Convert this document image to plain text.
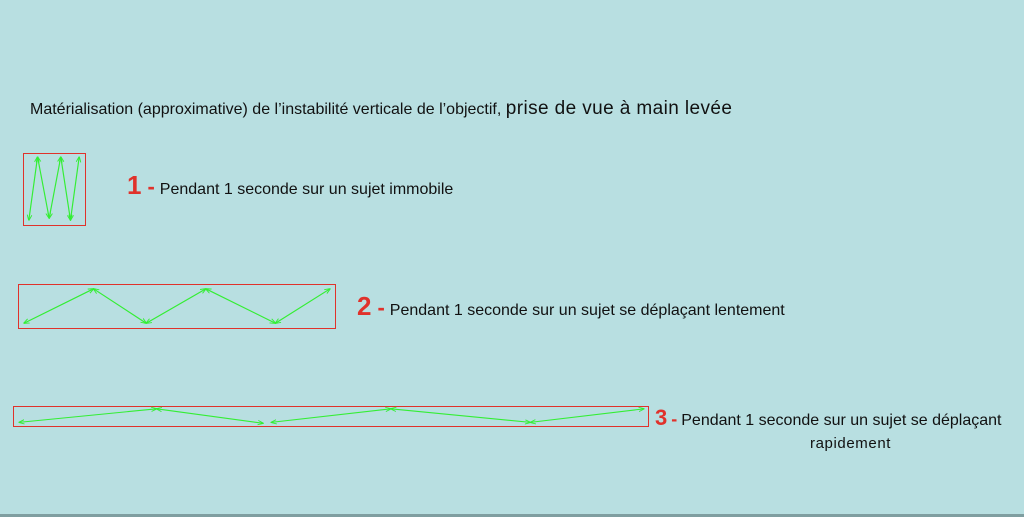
Matérialisation (approximative) de l’instabilité verticale de l’objectif, prise de vue à main levée
1 - Pendant 1 seconde sur un sujet immobile
2 - Pendant 1 seconde sur un sujet se déplaçant lentement
3 - Pendant 1 seconde sur un sujet se déplaçant
rapidement
